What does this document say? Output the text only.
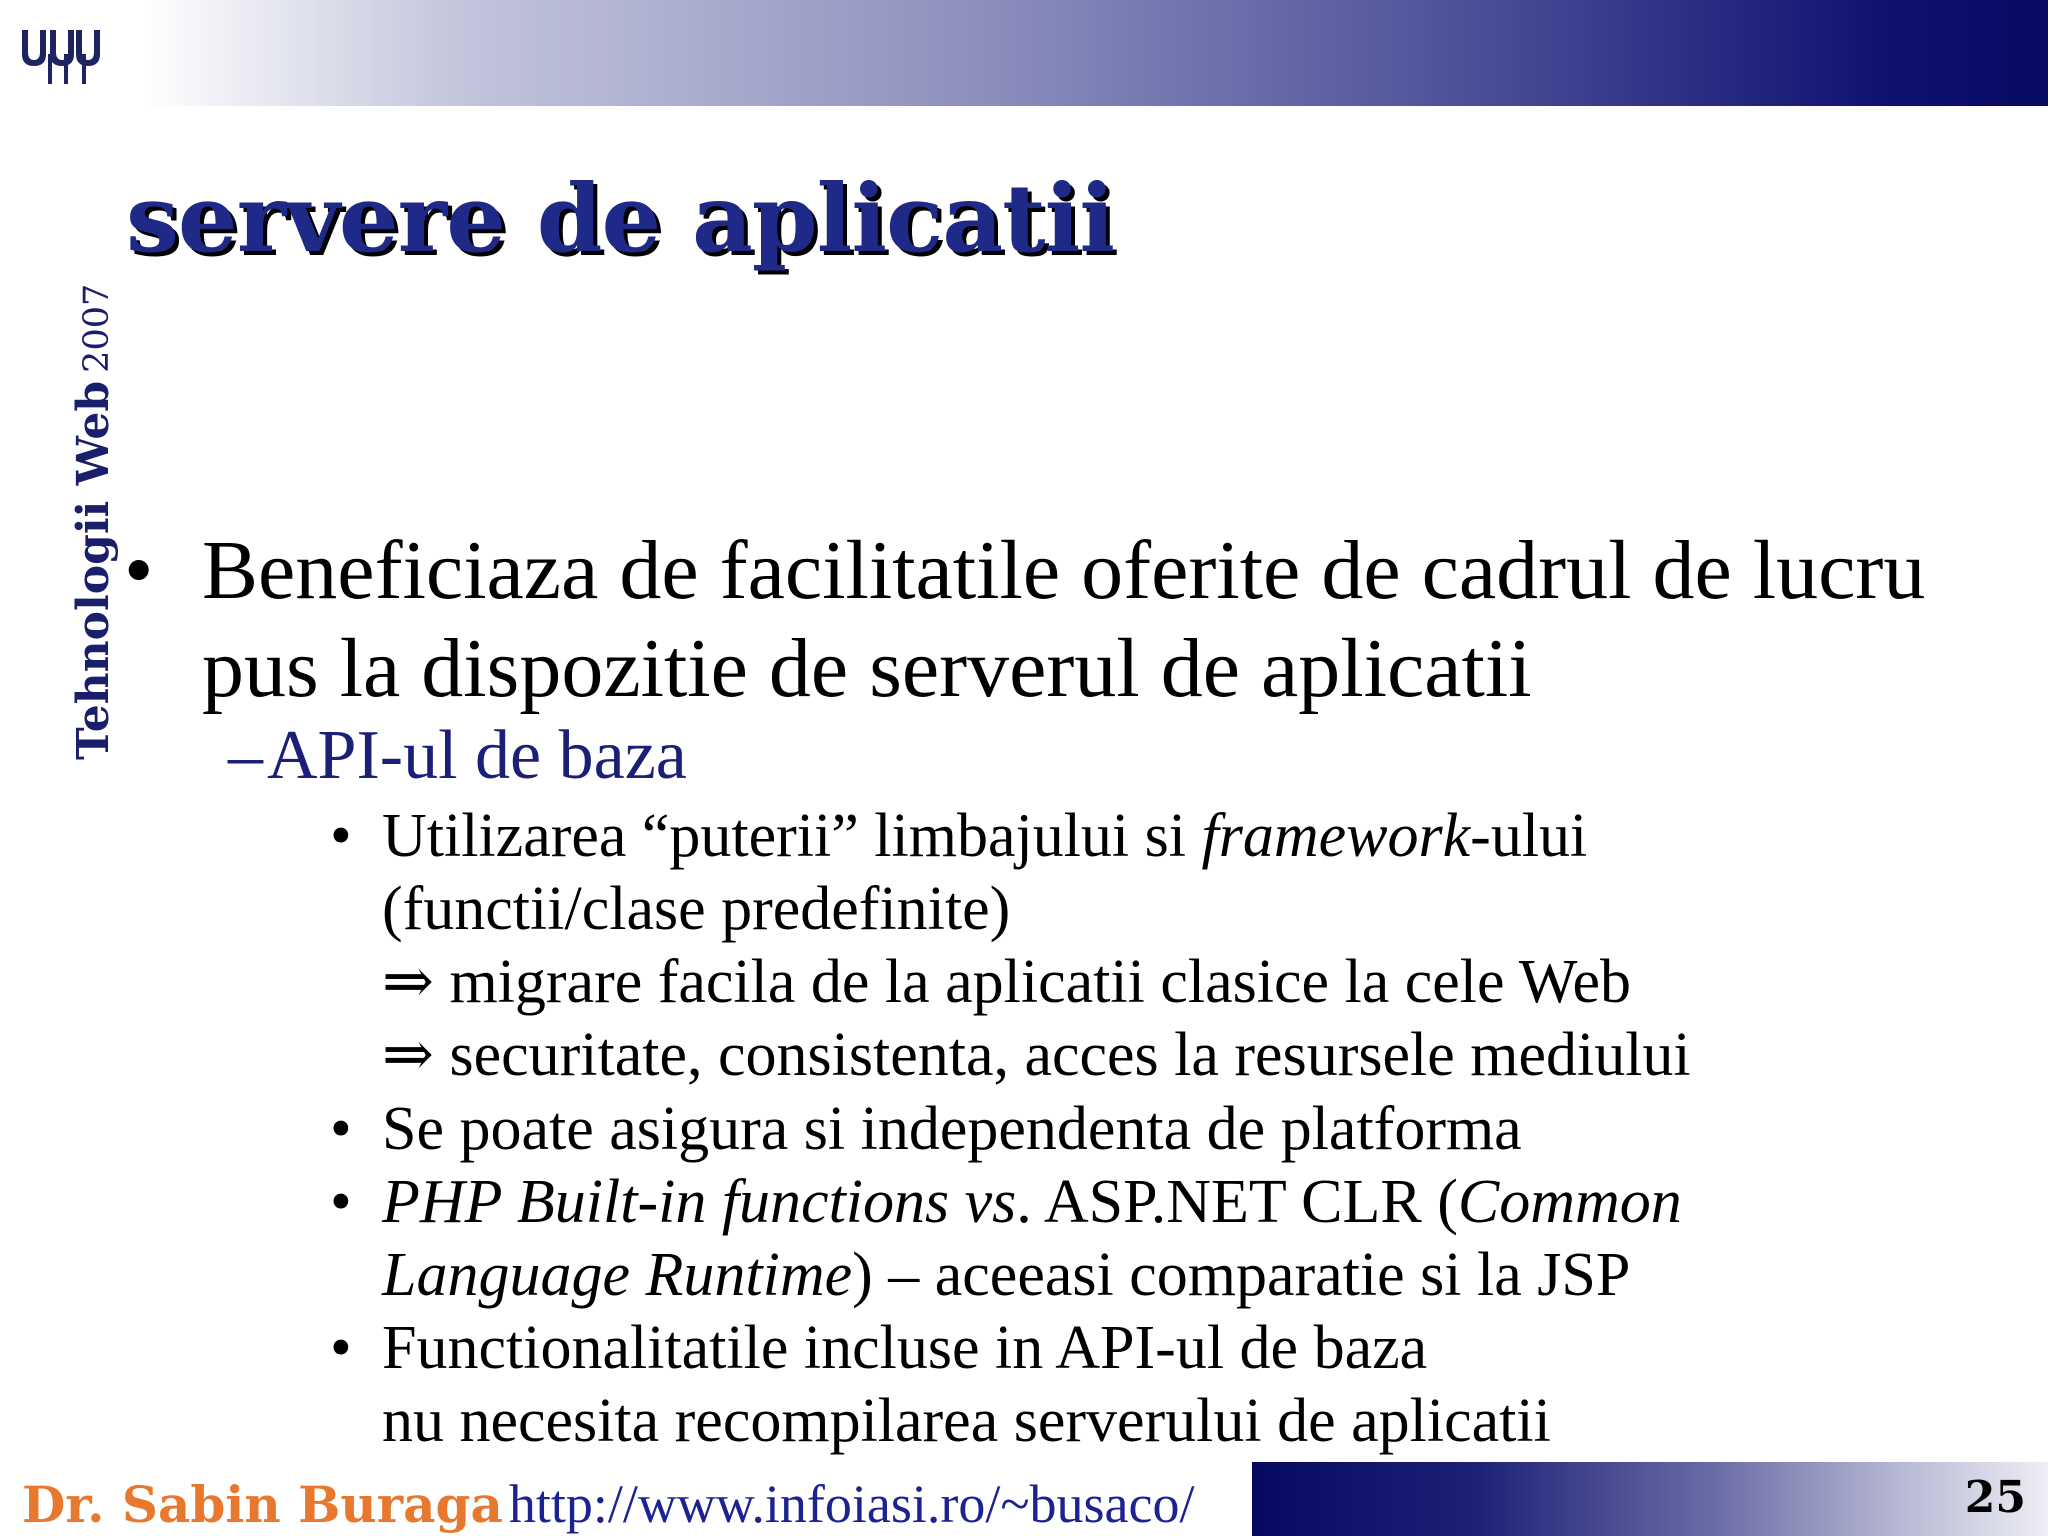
Tehnologii Web2007
servere de aplicatii
• Beneficiaza de facilitatile oferite de cadrul de lucru pus la dispozitie de serverul de aplicatii
–API-ul de baza
• Utilizarea “puterii” limbajului si framework-ului
(functii/clase predefinite)
⇒ migrare facila de la aplicatii clasice la cele Web
⇒ securitate, consistenta, acces la resursele mediului
• Se poate asigura si independenta de platforma
• PHP Built-in functions vs. ASP.NET CLR (Common
Language Runtime) – aceeasi comparatie si la JSP
• Functionalitatile incluse in API-ul de baza
nu necesita recompilarea serverului de aplicatii
Dr. Sabin Buraga http://www.infoiasi.ro/~busaco/	25
